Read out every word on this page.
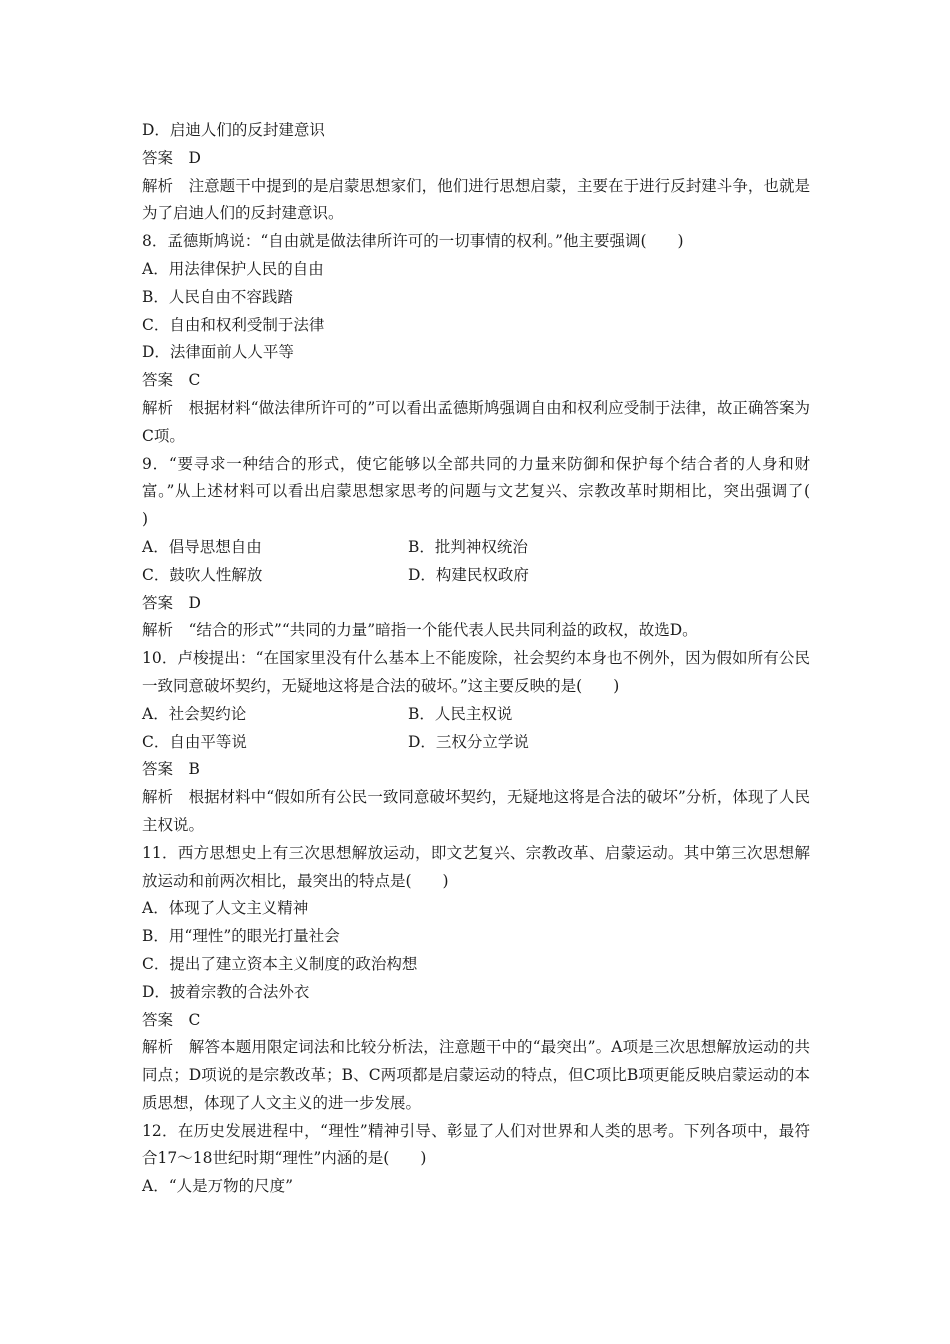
D．启迪人们的反封建意识
答案　D
解析　注意题干中提到的是启蒙思想家们，他们进行思想启蒙，主要在于进行反封建斗争，也就是为了启迪人们的反封建意识。
8．孟德斯鸠说：“自由就是做法律所许可的一切事情的权利。”他主要强调(　　)
A．用法律保护人民的自由
B．人民自由不容践踏
C．自由和权利受制于法律
D．法律面前人人平等
答案　C
解析　根据材料“做法律所许可的”可以看出孟德斯鸠强调自由和权利应受制于法律，故正确答案为C项。
9．“要寻求一种结合的形式，使它能够以全部共同的力量来防御和保护每个结合者的人身和财富。”从上述材料可以看出启蒙思想家思考的问题与文艺复兴、宗教改革时期相比，突出强调了(　　)
A．倡导思想自由	B．批判神权统治
C．鼓吹人性解放	D．构建民权政府
答案　D
解析　“结合的形式”“共同的力量”暗指一个能代表人民共同利益的政权，故选D。
10．卢梭提出：“在国家里没有什么基本上不能废除，社会契约本身也不例外，因为假如所有公民一致同意破坏契约，无疑地这将是合法的破坏。”这主要反映的是(　　)
A．社会契约论	B．人民主权说
C．自由平等说	D．三权分立学说
答案　B
解析　根据材料中“假如所有公民一致同意破坏契约，无疑地这将是合法的破坏”分析，体现了人民主权说。
11．西方思想史上有三次思想解放运动，即文艺复兴、宗教改革、启蒙运动。其中第三次思想解放运动和前两次相比，最突出的特点是(　　)
A．体现了人文主义精神
B．用“理性”的眼光打量社会
C．提出了建立资本主义制度的政治构想
D．披着宗教的合法外衣
答案　C
解析　解答本题用限定词法和比较分析法，注意题干中的“最突出”。A项是三次思想解放运动的共同点；D项说的是宗教改革；B、C两项都是启蒙运动的特点，但C项比B项更能反映启蒙运动的本质思想，体现了人文主义的进一步发展。
12．在历史发展进程中，“理性”精神引导、彰显了人们对世界和人类的思考。下列各项中，最符合17～18世纪时期“理性”内涵的是(　　)
A．“人是万物的尺度”
